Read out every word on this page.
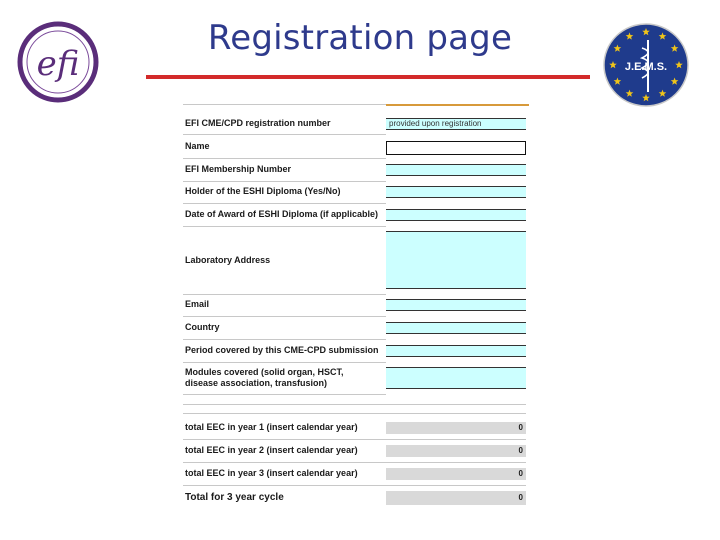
efi
Registration page
J.E.M.S.
EFI CME/CPD registration number	provided upon registration
Name
EFI Membership Number
Holder of the ESHI Diploma (Yes/No)
Date of Award of ESHI Diploma (if applicable)
Laboratory Address
Email
Country
Period covered by this CME-CPD submission
Modules covered (solid organ, HSCT,
disease association, transfusion)
total EEC in year 1 (insert calendar year)	0
total EEC in year 2 (insert calendar year)	0
total EEC in year 3 (insert calendar year)	0
Total for 3 year cycle	0
